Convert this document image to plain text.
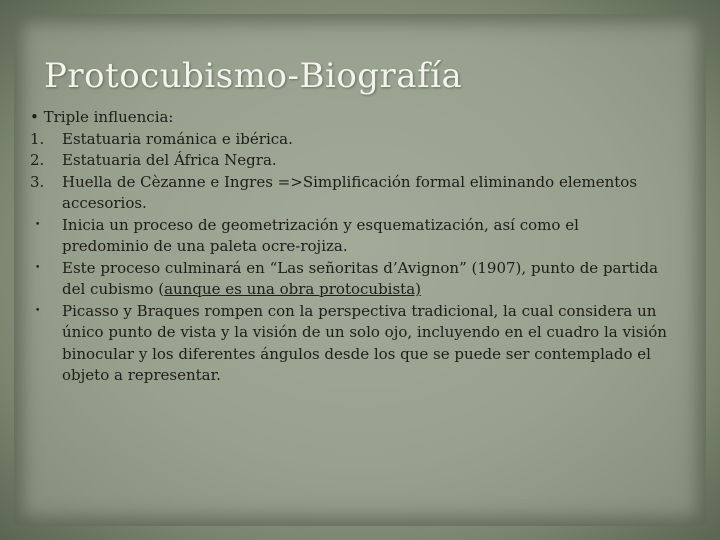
Protocubismo-Biografía

• Triple influencia:

1.	Estatuaria románica e ibérica.
2.	Estatuaria del África Negra.
3.	Huella de Cèzanne e Ingres =>Simplificación formal eliminando elementos accesorios.
•	Inicia un proceso de geometrización y esquematización, así como el predominio de una paleta ocre-rojiza.
•	Este proceso culminará en “Las señoritas d’Avignon” (1907), punto de partida del cubismo (aunque es una obra protocubista)
•	Picasso y Braques rompen con la perspectiva tradicional, la cual considera un único punto de vista y la visión de un solo ojo, incluyendo en el cuadro la visión binocular y los diferentes ángulos desde los que se puede ser contemplado el objeto a representar.
